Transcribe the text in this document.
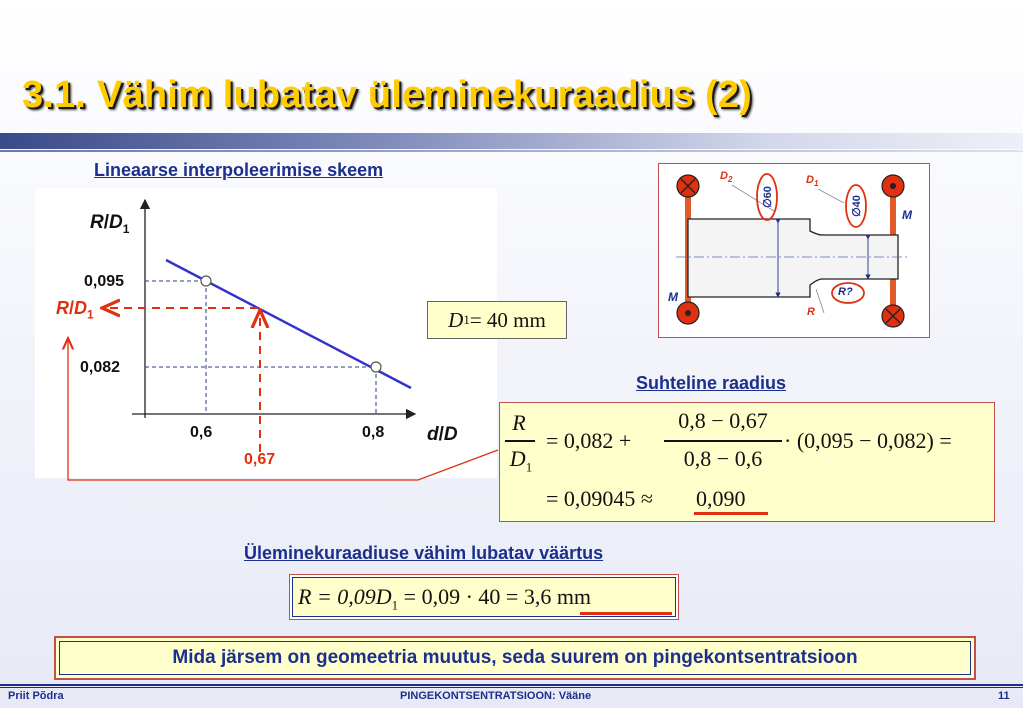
3.1. Vähim lubatav üleminekuraadius (2)
Lineaarse interpoleerimise skeem
$R/D_1$
0,095
$R/D_1$
0,082
0,6	0,8
0,67
d/D
D 1 = 40 mm
$D_2$	$D_1$
∅60	∅40	M
M	R?
R
Suhteline raadius
R
$D_1$
= 0,082 +
0,8 − 0,67
0,8 − 0,6
· (0,095 − 0,082) =
= 0,09045 ≈ 0,090
Üleminekuraadiuse vähim lubatav väärtus
$R = 0,09D_1 = 0,09 \cdot 40 = 3,6$ mm
Mida järsem on geomeetria muutus, seda suurem on pingekontsentratsioon
Priit Põdra	PINGEKONTSENTRATSIOON: Vääne	11
